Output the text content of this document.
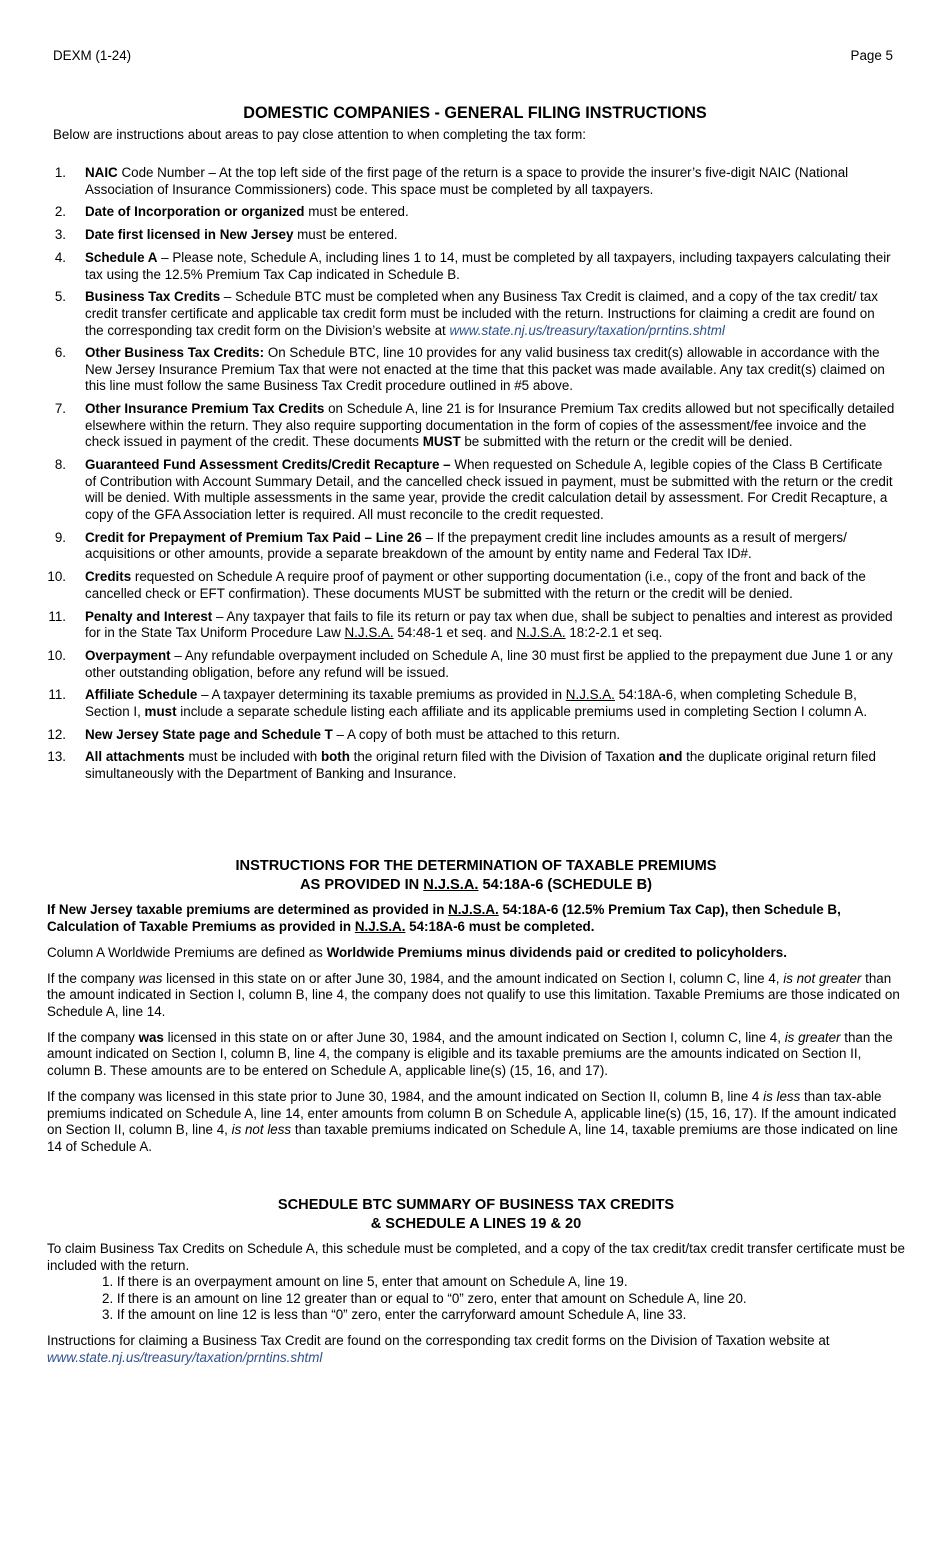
DEXM (1-24)	Page 5
DOMESTIC COMPANIES - GENERAL FILING INSTRUCTIONS
Below are instructions about areas to pay close attention to when completing the tax form:
1. NAIC Code Number – At the top left side of the first page of the return is a space to provide the insurer’s five-digit NAIC (National Association of Insurance Commissioners) code. This space must be completed by all taxpayers.
2. Date of Incorporation or organized must be entered.
3. Date first licensed in New Jersey must be entered.
4. Schedule A – Please note, Schedule A, including lines 1 to 14, must be completed by all taxpayers, including taxpayers calculating their tax using the 12.5% Premium Tax Cap indicated in Schedule B.
5. Business Tax Credits – Schedule BTC must be completed when any Business Tax Credit is claimed, and a copy of the tax credit/ tax credit transfer certificate and applicable tax credit form must be included with the return. Instructions for claiming a credit are found on the corresponding tax credit form on the Division’s website at www.state.nj.us/treasury/taxation/prntins.shtml
6. Other Business Tax Credits: On Schedule BTC, line 10 provides for any valid business tax credit(s) allowable in accordance with the New Jersey Insurance Premium Tax that were not enacted at the time that this packet was made available. Any tax credit(s) claimed on this line must follow the same Business Tax Credit procedure outlined in #5 above.
7. Other Insurance Premium Tax Credits on Schedule A, line 21 is for Insurance Premium Tax credits allowed but not specifically detailed elsewhere within the return. They also require supporting documentation in the form of copies of the assessment/fee invoice and the check issued in payment of the credit. These documents MUST be submitted with the return or the credit will be denied.
8. Guaranteed Fund Assessment Credits/Credit Recapture – When requested on Schedule A, legible copies of the Class B Certificate of Contribution with Account Summary Detail, and the cancelled check issued in payment, must be submitted with the return or the credit will be denied. With multiple assessments in the same year, provide the credit calculation detail by assessment. For Credit Recapture, a copy of the GFA Association letter is required. All must reconcile to the credit requested.
9. Credit for Prepayment of Premium Tax Paid – Line 26 – If the prepayment credit line includes amounts as a result of mergers/ acquisitions or other amounts, provide a separate breakdown of the amount by entity name and Federal Tax ID#.
10. Credits requested on Schedule A require proof of payment or other supporting documentation (i.e., copy of the front and back of the cancelled check or EFT confirmation). These documents MUST be submitted with the return or the credit will be denied.
11. Penalty and Interest – Any taxpayer that fails to file its return or pay tax when due, shall be subject to penalties and interest as provided for in the State Tax Uniform Procedure Law N.J.S.A. 54:48-1 et seq. and N.J.S.A. 18:2-2.1 et seq.
10. Overpayment – Any refundable overpayment included on Schedule A, line 30 must first be applied to the prepayment due June 1 or any other outstanding obligation, before any refund will be issued.
11. Affiliate Schedule – A taxpayer determining its taxable premiums as provided in N.J.S.A. 54:18A-6, when completing Schedule B, Section I, must include a separate schedule listing each affiliate and its applicable premiums used in completing Section I column A.
12. New Jersey State page and Schedule T – A copy of both must be attached to this return.
13. All attachments must be included with both the original return filed with the Division of Taxation and the duplicate original return filed simultaneously with the Department of Banking and Insurance.
INSTRUCTIONS FOR THE DETERMINATION OF TAXABLE PREMIUMS
AS PROVIDED IN N.J.S.A. 54:18A-6 (SCHEDULE B)

If New Jersey taxable premiums are determined as provided in N.J.S.A. 54:18A-6 (12.5% Premium Tax Cap), then Schedule B, Calculation of Taxable Premiums as provided in N.J.S.A. 54:18A-6 must be completed.

Column A Worldwide Premiums are defined as Worldwide Premiums minus dividends paid or credited to policyholders.

If the company was licensed in this state on or after June 30, 1984, and the amount indicated on Section I, column C, line 4, is not greater than the amount indicated in Section I, column B, line 4, the company does not qualify to use this limitation. Taxable Premiums are those indicated on Schedule A, line 14.

If the company was licensed in this state on or after June 30, 1984, and the amount indicated on Section I, column C, line 4, is greater than the amount indicated on Section I, column B, line 4, the company is eligible and its taxable premiums are the amounts indicated on Section II, column B. These amounts are to be entered on Schedule A, applicable line(s) (15, 16, and 17).

If the company was licensed in this state prior to June 30, 1984, and the amount indicated on Section II, column B, line 4 is less than tax-able premiums indicated on Schedule A, line 14, enter amounts from column B on Schedule A, applicable line(s) (15, 16, 17). If the amount indicated on Section II, column B, line 4, is not less than taxable premiums indicated on Schedule A, line 14, taxable premiums are those indicated on line 14 of Schedule A.

SCHEDULE BTC SUMMARY OF BUSINESS TAX CREDITS
& SCHEDULE A LINES 19 & 20

To claim Business Tax Credits on Schedule A, this schedule must be completed, and a copy of the tax credit/tax credit transfer certificate must be included with the return.

1. If there is an overpayment amount on line 5, enter that amount on Schedule A, line 19.
2. If there is an amount on line 12 greater than or equal to “0” zero, enter that amount on Schedule A, line 20.
3. If the amount on line 12 is less than “0” zero, enter the carryforward amount Schedule A, line 33.

Instructions for claiming a Business Tax Credit are found on the corresponding tax credit forms on the Division of Taxation website at
www.state.nj.us/treasury/taxation/prntins.shtml
